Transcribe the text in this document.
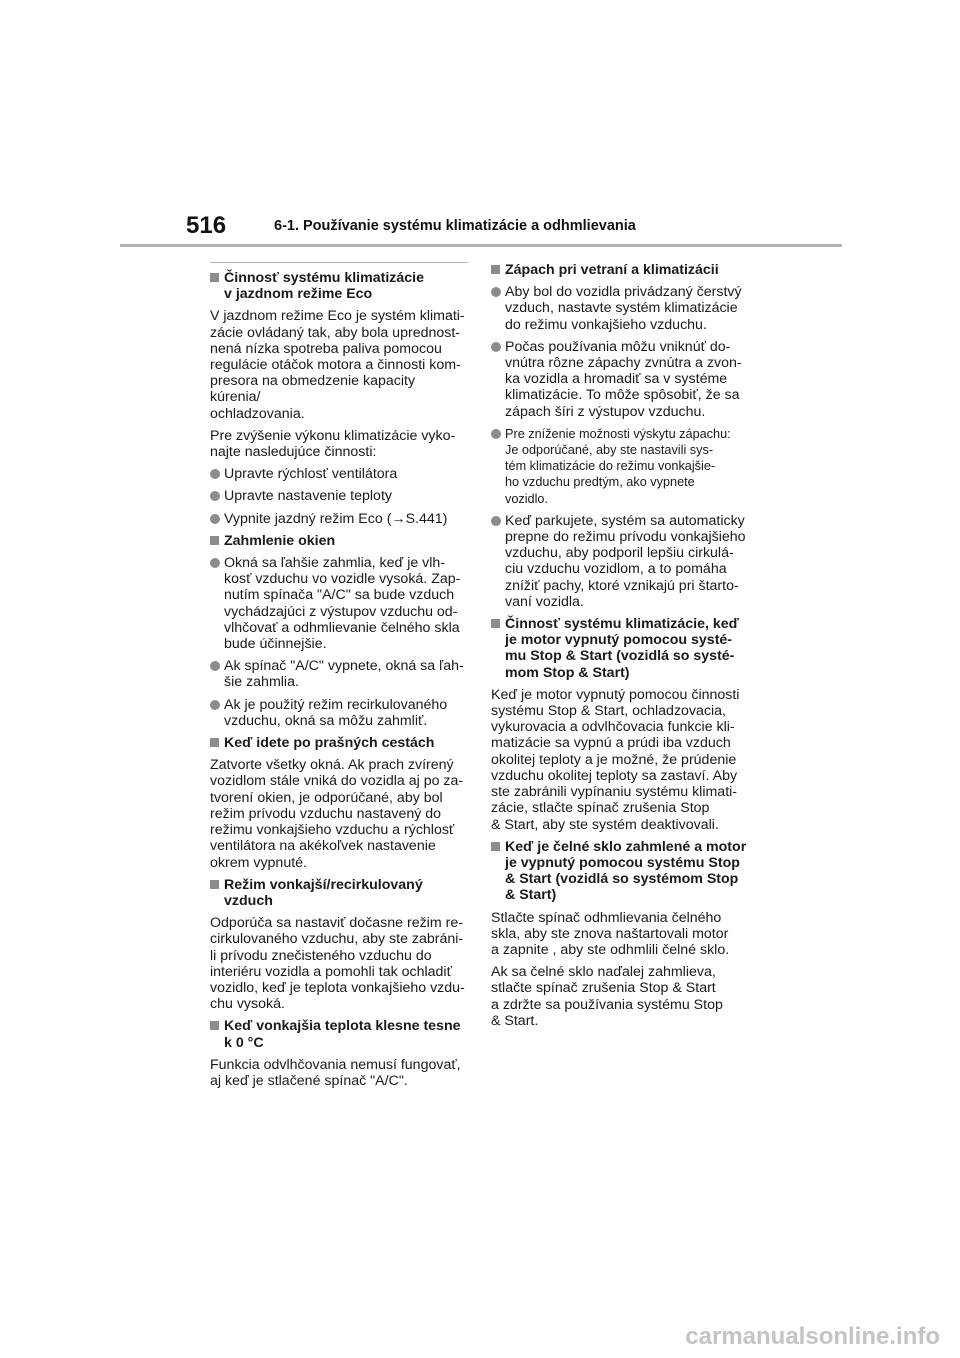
516	6-1. Používanie systému klimatizácie a odhmlievania
Činnosť systému klimatizácie
v jazdnom režime Eco
V jazdnom režime Eco je systém klimati-
zácie ovládaný tak, aby bola uprednost-
nená nízka spotreba paliva pomocou
regulácie otáčok motora a činnosti kom-
presora na obmedzenie kapacity kúrenia/
ochladzovania.
Pre zvýšenie výkonu klimatizácie vyko-
najte nasledujúce činnosti:
Upravte rýchlosť ventilátora
Upravte nastavenie teploty
Vypnite jazdný režim Eco (→S.441)
Zahmlenie okien
Okná sa ľahšie zahmlia, keď je vlh-
kosť vzduchu vo vozidle vysoká. Zap-
nutím spínača "A/C" sa bude vzduch
vychádzajúci z výstupov vzduchu od-
vlhčovať a odhmlievanie čelného skla
bude účinnejšie.
Ak spínač "A/C" vypnete, okná sa ľah-
šie zahmlia.
Ak je použitý režim recirkulovaného
vzduchu, okná sa môžu zahmliť.
Keď idete po prašných cestách
Zatvorte všetky okná. Ak prach zvírený
vozidlom stále vniká do vozidla aj po za-
tvorení okien, je odporúčané, aby bol
režim prívodu vzduchu nastavený do
režimu vonkajšieho vzduchu a rýchlosť
ventilátora na akékoľvek nastavenie
okrem vypnuté.
Režim vonkajší/recirkulovaný
vzduch
Odporúča sa nastaviť dočasne režim re-
cirkulovaného vzduchu, aby ste zabráni-
li prívodu znečisteného vzduchu do
interiéru vozidla a pomohli tak ochladiť
vozidlo, keď je teplota vonkajšieho vzdu-
chu vysoká.
Keď vonkajšia teplota klesne tesne
k 0 °C
Funkcia odvlhčovania nemusí fungovať,
aj keď je stlačené spínač "A/C".
Zápach pri vetraní a klimatizácii
Aby bol do vozidla privádzaný čerstvý
vzduch, nastavte systém klimatizácie
do režimu vonkajšieho vzduchu.
Počas používania môžu vniknúť do-
vnútra rôzne zápachy zvnútra a zvon-
ka vozidla a hromadiť sa v systéme
klimatizácie. To môže spôsobiť, že sa
zápach šíri z výstupov vzduchu.
Pre zníženie možnosti výskytu zápachu:
Je odporúčané, aby ste nastavili sys-
tém klimatizácie do režimu vonkajšie-
ho vzduchu predtým, ako vypnete
vozidlo.
Keď parkujete, systém sa automaticky
prepne do režimu prívodu vonkajšieho
vzduchu, aby podporil lepšiu cirkulá-
ciu vzduchu vozidlom, a to pomáha
znížiť pachy, ktoré vznikajú pri štarto-
vaní vozidla.
Činnosť systému klimatizácie, keď
je motor vypnutý pomocou systé-
mu Stop & Start (vozidlá so systé-
mom Stop & Start)
Keď je motor vypnutý pomocou činnosti
systému Stop & Start, ochladzovacia,
vykurovacia a odvlhčovacia funkcie kli-
matizácie sa vypnú a prúdi iba vzduch
okolitej teploty a je možné, že prúdenie
vzduchu okolitej teploty sa zastaví. Aby
ste zabránili vypínaniu systému klimati-
zácie, stlačte spínač zrušenia Stop
& Start, aby ste systém deaktivovali.
Keď je čelné sklo zahmlené a motor
je vypnutý pomocou systému Stop
& Start (vozidlá so systémom Stop
& Start)
Stlačte spínač odhmlievania čelného
skla, aby ste znova naštartovali motor
a zapnite , aby ste odhmlili čelné sklo.
Ak sa čelné sklo naďalej zahmlieva,
stlačte spínač zrušenia Stop & Start
a zdržte sa používania systému Stop
& Start.
carmanualsonline.info
